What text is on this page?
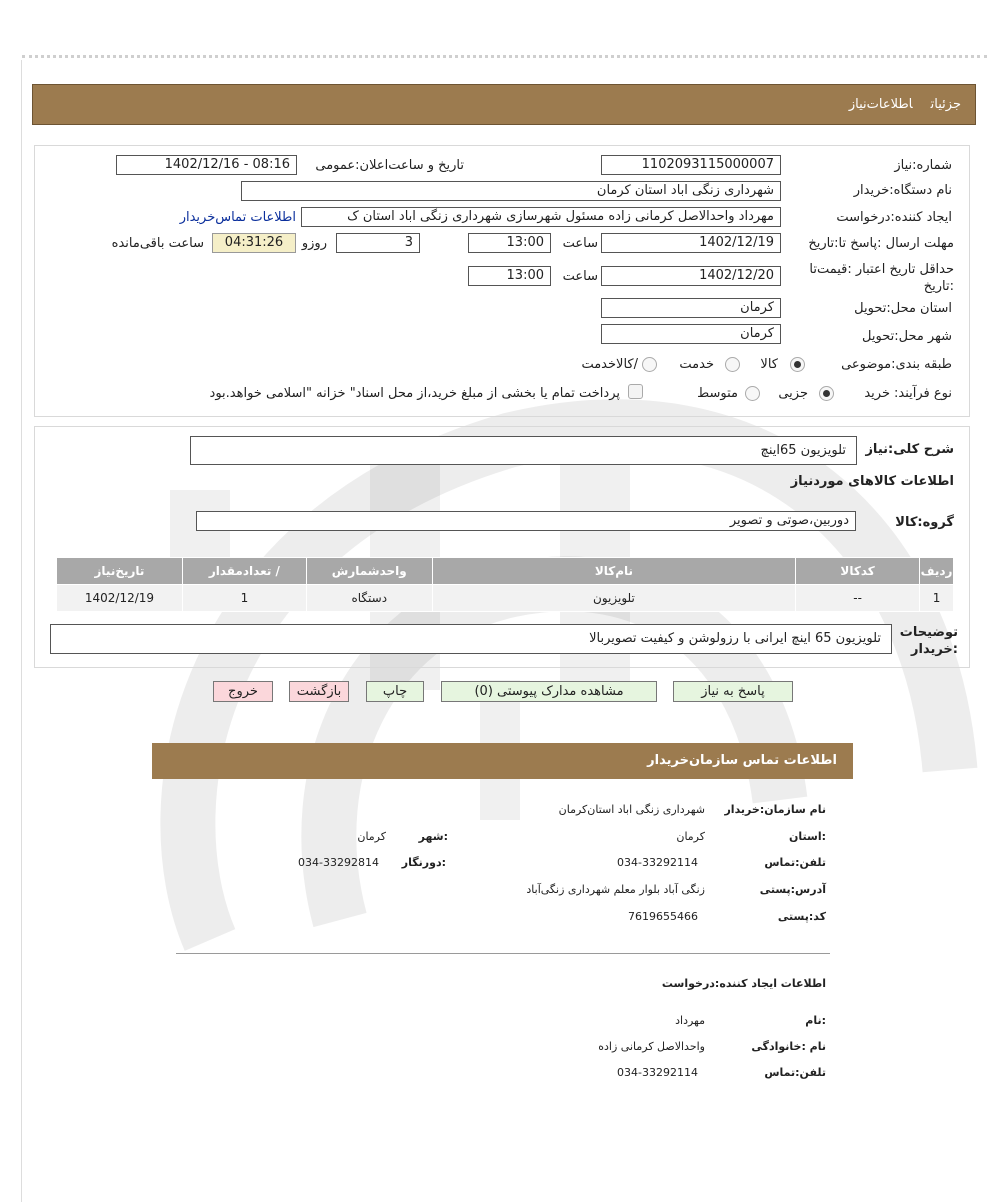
جزئیاتاطلاعات‌نیاز
شماره:نیاز
1102093115000007
تاریخ و ساعت‌اعلان:عمومی
1402/12/16 - 08:16
نام دستگاه:خریدار
شهرداری زنگی اباد استان کرمان
ایجاد کننده:درخواست
مهرداد واحدالاصل کرمانی زاده مسئول شهرسازی شهرداری زنگی اباد استان ک
اطلاعات تماس‌خریدار
مهلت ارسال :پاسخ تا:تاریخ
1402/12/19
ساعت
13:00
3
روزو
04:31:26
ساعت باقی‌مانده
حداقل تاریخ اعتبار :قیمت‌تا :تاریخ
1402/12/20
ساعت
13:00
استان محل:تحویل
کرمان
شهر محل:تحویل
کرمان
طبقه بندی:موضوعی
کالا
خدمت
/کالاخدمت
نوع فرآیند:
خرید
جزیی
متوسط
پرداخت تمام یا بخشی از مبلغ خرید،از محل اسناد" خزانه "اسلامی خواهد.بود
شرح کلی:نیاز
تلویزیون 65اینچ
اطلاعات کالاهای موردنیاز
گروه:کالا
دوربین،صوتی و تصویر
ردیف	کدکالا	نام‌کالا	واحدشمارش	/ تعدادمقدار	تاریخ‌نیاز
1	--	تلویزیون	دستگاه	1	1402/12/19
توضیحات :خریدار
تلویزیون 65 اینچ ایرانی با رزولوشن و کیفیت تصویربالا
پاسخ به نیاز
مشاهده مدارک پیوستی (0)
چاپ
بازگشت
خروج
اطلاعات تماس سازمان‌خریدار
نام سازمان:خریدار
شهرداری زنگی اباد استان‌کرمان
:استان
کرمان
:شهر
کرمان
تلفن:تماس
034-33292114
:دورنگار
034-33292814
آدرس:پستی
زنگی آباد بلوار معلم شهرداری زنگی‌آباد
کد:پستی
7619655466
اطلاعات ایجاد کننده:درخواست
:نام
مهرداد
نام :خانوادگی
واحدالاصل کرمانی زاده
تلفن:تماس
034-33292114
